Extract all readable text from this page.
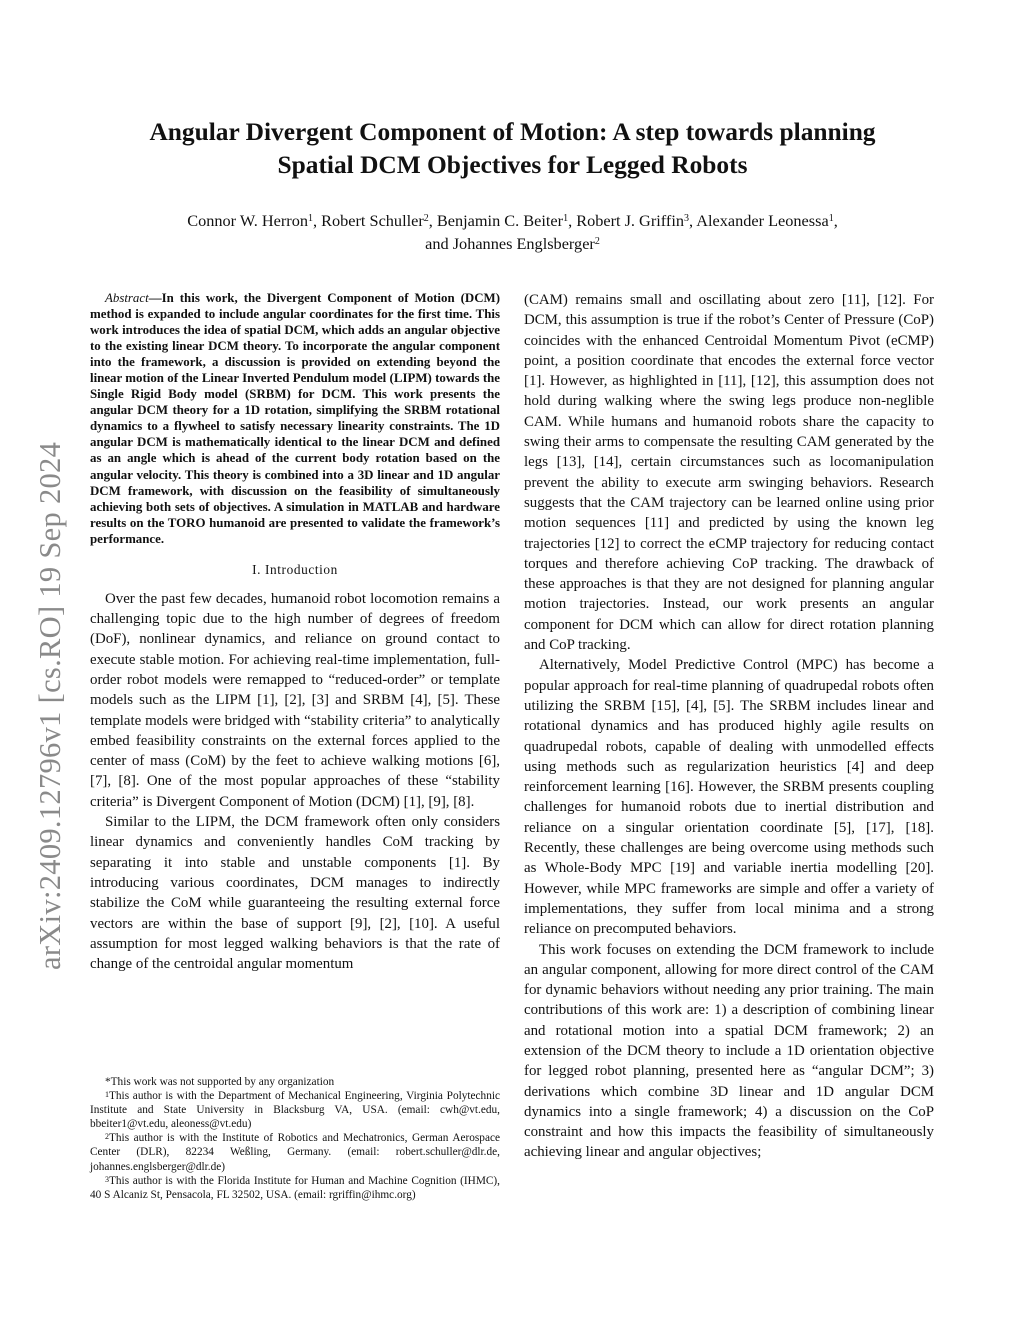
arXiv:2409.12796v1 [cs.RO] 19 Sep 2024
Angular Divergent Component of Motion: A step towards planning
Spatial DCM Objectives for Legged Robots
Connor W. Herron$^1$, Robert Schuller$^2$, Benjamin C. Beiter$^1$, Robert J. Griffin$^3$, Alexander Leonessa$^1$,
and Johannes Englsberger$^2$

Abstract—In this work, the Divergent Component of Motion (DCM) method is expanded to include angular coordinates for the first time. This work introduces the idea of spatial DCM, which adds an angular objective to the existing linear DCM theory. To incorporate the angular component into the framework, a discussion is provided on extending beyond the linear motion of the Linear Inverted Pendulum model (LIPM) towards the Single Rigid Body model (SRBM) for DCM. This work presents the angular DCM theory for a 1D rotation, simplifying the SRBM rotational dynamics to a flywheel to satisfy necessary linearity constraints. The 1D angular DCM is mathematically identical to the linear DCM and defined as an angle which is ahead of the current body rotation based on the angular velocity. This theory is combined into a 3D linear and 1D angular DCM framework, with discussion on the feasibility of simultaneously achieving both sets of objectives. A simulation in MATLAB and hardware results on the TORO humanoid are presented to validate the framework’s performance.

I. Introduction

Over the past few decades, humanoid robot locomotion remains a challenging topic due to the high number of degrees of freedom (DoF), nonlinear dynamics, and reliance on ground contact to execute stable motion. For achieving real-time implementation, full-order robot models were remapped to “reduced-order” or template models such as the LIPM [1], [2], [3] and SRBM [4], [5]. These template models were bridged with “stability criteria” to analytically embed feasibility constraints on the external forces applied to the center of mass (CoM) by the feet to achieve walking motions [6], [7], [8]. One of the most popular approaches of these “stability criteria” is Divergent Component of Motion (DCM) [1], [9], [8].

Similar to the LIPM, the DCM framework often only considers linear dynamics and conveniently handles CoM tracking by separating it into stable and unstable components [1]. By introducing various coordinates, DCM manages to indirectly stabilize the CoM while guaranteeing the resulting external force vectors are within the base of support [9], [2], [10]. A useful assumption for most legged walking behaviors is that the rate of change of the centroidal angular momentum

*This work was not supported by any organization

$^1$This author is with the Department of Mechanical Engineering, Virginia Polytechnic Institute and State University in Blacksburg VA, USA. (email: cwh@vt.edu, bbeiter1@vt.edu, aleoness@vt.edu)

$^2$This author is with the Institute of Robotics and Mechatronics, German Aerospace Center (DLR), 82234 Weßling, Germany. (email: robert.schuller@dlr.de, johannes.englsberger@dlr.de)

$^3$This author is with the Florida Institute for Human and Machine Cognition (IHMC), 40 S Alcaniz St, Pensacola, FL 32502, USA. (email: rgriffin@ihmc.org)

(CAM) remains small and oscillating about zero [11], [12]. For DCM, this assumption is true if the robot’s Center of Pressure (CoP) coincides with the enhanced Centroidal Momentum Pivot (eCMP) point, a position coordinate that encodes the external force vector [1]. However, as highlighted in [11], [12], this assumption does not hold during walking where the swing legs produce non-neglible CAM. While humans and humanoid robots share the capacity to swing their arms to compensate the resulting CAM generated by the legs [13], [14], certain circumstances such as locomanipulation prevent the ability to execute arm swinging behaviors. Research suggests that the CAM trajectory can be learned online using prior motion sequences [11] and predicted by using the known leg trajectories [12] to correct the eCMP trajectory for reducing contact torques and therefore achieving CoP tracking. The drawback of these approaches is that they are not designed for planning angular motion trajectories. Instead, our work presents an angular component for DCM which can allow for direct rotation planning and CoP tracking.

Alternatively, Model Predictive Control (MPC) has become a popular approach for real-time planning of quadrupedal robots often utilizing the SRBM [15], [4], [5]. The SRBM includes linear and rotational dynamics and has produced highly agile results on quadrupedal robots, capable of dealing with unmodelled effects using methods such as regularization heuristics [4] and deep reinforcement learning [16]. However, the SRBM presents coupling challenges for humanoid robots due to inertial distribution and reliance on a singular orientation coordinate [5], [17], [18]. Recently, these challenges are being overcome using methods such as Whole-Body MPC [19] and variable inertia modelling [20]. However, while MPC frameworks are simple and offer a variety of implementations, they suffer from local minima and a strong reliance on precomputed behaviors.

This work focuses on extending the DCM framework to include an angular component, allowing for more direct control of the CAM for dynamic behaviors without needing any prior training. The main contributions of this work are: 1) a description of combining linear and rotational motion into a spatial DCM framework; 2) an extension of the DCM theory to include a 1D orientation objective for legged robot planning, presented here as “angular DCM”; 3) derivations which combine 3D linear and 1D angular DCM dynamics into a single framework; 4) a discussion on the CoP constraint and how this impacts the feasibility of simultaneously achieving linear and angular objectives;
